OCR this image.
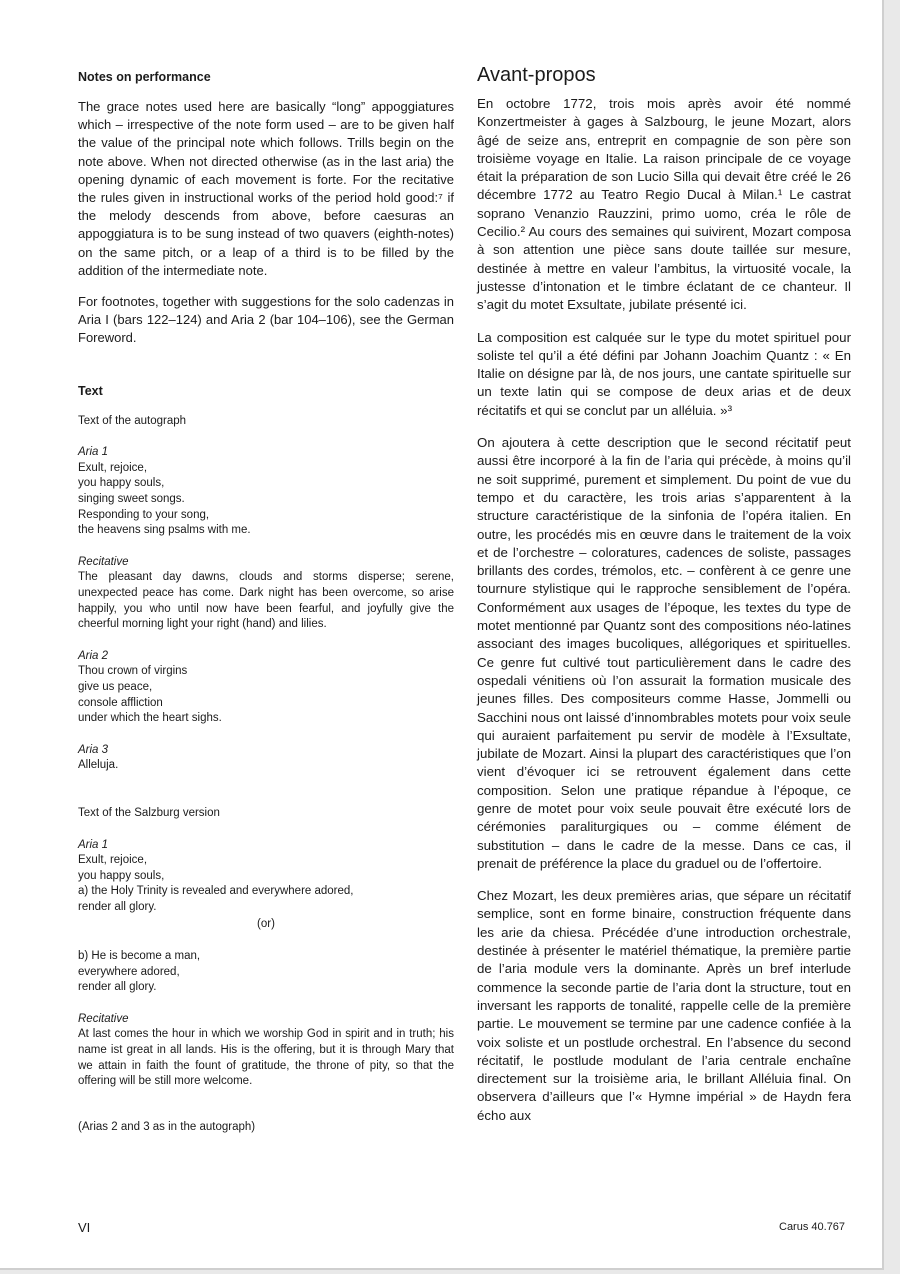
Notes on performance

The grace notes used here are basically “long” appoggiatures which – irrespective of the note form used – are to be given half the value of the principal note which follows. Trills begin on the note above. When not directed otherwise (as in the last aria) the opening dynamic of each movement is forte. For the recitative the rules given in instructional works of the period hold good:⁷ if the melody descends from above, before caesuras an appoggiatura is to be sung instead of two quavers (eighth-notes) on the same pitch, or a leap of a third is to be filled by the addition of the intermediate note.

For footnotes, together with suggestions for the solo cadenzas in Aria I (bars 122–124) and Aria 2 (bar 104–106), see the German Foreword.

Text
Text of the autograph
Aria 1
Exult, rejoice,
you happy souls,
singing sweet songs.
Responding to your song,
the heavens sing psalms with me.
Recitative

The pleasant day dawns, clouds and storms disperse; serene, unexpected peace has come. Dark night has been overcome, so arise happily, you who until now have been fearful, and joyfully give the cheerful morning light your right (hand) and lilies.

Aria 2
Thou crown of virgins
give us peace,
console affliction
under which the heart sighs.
Aria 3
Alleluja.
Text of the Salzburg version
Aria 1
Exult, rejoice,
you happy souls,
a) the Holy Trinity is revealed and everywhere adored,
render all glory.
(or)
b) He is become a man,
everywhere adored,
render all glory.
Recitative

At last comes the hour in which we worship God in spirit and in truth; his name ist great in all lands. His is the offering, but it is through Mary that we attain in faith the fount of gratitude, the throne of pity, so that the offering will be still more welcome.

(Arias 2 and 3 as in the autograph)
Avant-propos

En octobre 1772, trois mois après avoir été nommé Konzertmeister à gages à Salzbourg, le jeune Mozart, alors âgé de seize ans, entreprit en compagnie de son père son troisième voyage en Italie. La raison principale de ce voyage était la préparation de son Lucio Silla qui devait être créé le 26 décembre 1772 au Teatro Regio Ducal à Milan.¹ Le castrat soprano Venanzio Rauzzini, primo uomo, créa le rôle de Cecilio.² Au cours des semaines qui suivirent, Mozart composa à son attention une pièce sans doute taillée sur mesure, destinée à mettre en valeur l’ambitus, la virtuosité vocale, la justesse d’intonation et le timbre éclatant de ce chanteur. Il s’agit du motet Exsultate, jubilate présenté ici.

La composition est calquée sur le type du motet spirituel pour soliste tel qu’il a été défini par Johann Joachim Quantz : « En Italie on désigne par là, de nos jours, une cantate spirituelle sur un texte latin qui se compose de deux arias et de deux récitatifs et qui se conclut par un alléluia. »³

On ajoutera à cette description que le second récitatif peut aussi être incorporé à la fin de l’aria qui précède, à moins qu’il ne soit supprimé, purement et simplement. Du point de vue du tempo et du caractère, les trois arias s’apparentent à la structure caractéristique de la sinfonia de l’opéra italien. En outre, les procédés mis en œuvre dans le traitement de la voix et de l’orchestre – coloratures, cadences de soliste, passages brillants des cordes, trémolos, etc. – confèrent à ce genre une tournure stylistique qui le rapproche sensiblement de l’opéra. Conformément aux usages de l’époque, les textes du type de motet mentionné par Quantz sont des compositions néo-latines associant des images bucoliques, allégoriques et spirituelles. Ce genre fut cultivé tout particulièrement dans le cadre des ospedali vénitiens où l’on assurait la formation musicale des jeunes filles. Des compositeurs comme Hasse, Jommelli ou Sacchini nous ont laissé d’innombrables motets pour voix seule qui auraient parfaitement pu servir de modèle à l’Exsultate, jubilate de Mozart. Ainsi la plupart des caractéristiques que l’on vient d’évoquer ici se retrouvent également dans cette composition. Selon une pratique répandue à l’époque, ce genre de motet pour voix seule pouvait être exécuté lors de cérémonies paraliturgiques ou – comme élément de substitution – dans le cadre de la messe. Dans ce cas, il prenait de préférence la place du graduel ou de l’offertoire.

Chez Mozart, les deux premières arias, que sépare un récitatif semplice, sont en forme binaire, construction fréquente dans les arie da chiesa. Précédée d’une introduction orchestrale, destinée à présenter le matériel thématique, la première partie de l’aria module vers la dominante. Après un bref interlude commence la seconde partie de l’aria dont la structure, tout en inversant les rapports de tonalité, rappelle celle de la première partie. Le mouvement se termine par une cadence confiée à la voix soliste et un postlude orchestral. En l’absence du second récitatif, le postlude modulant de l’aria centrale enchaîne directement sur la troisième aria, le brillant Alléluia final. On observera d’ailleurs que l’« Hymne impérial » de Haydn fera écho aux

VI	Carus 40.767
